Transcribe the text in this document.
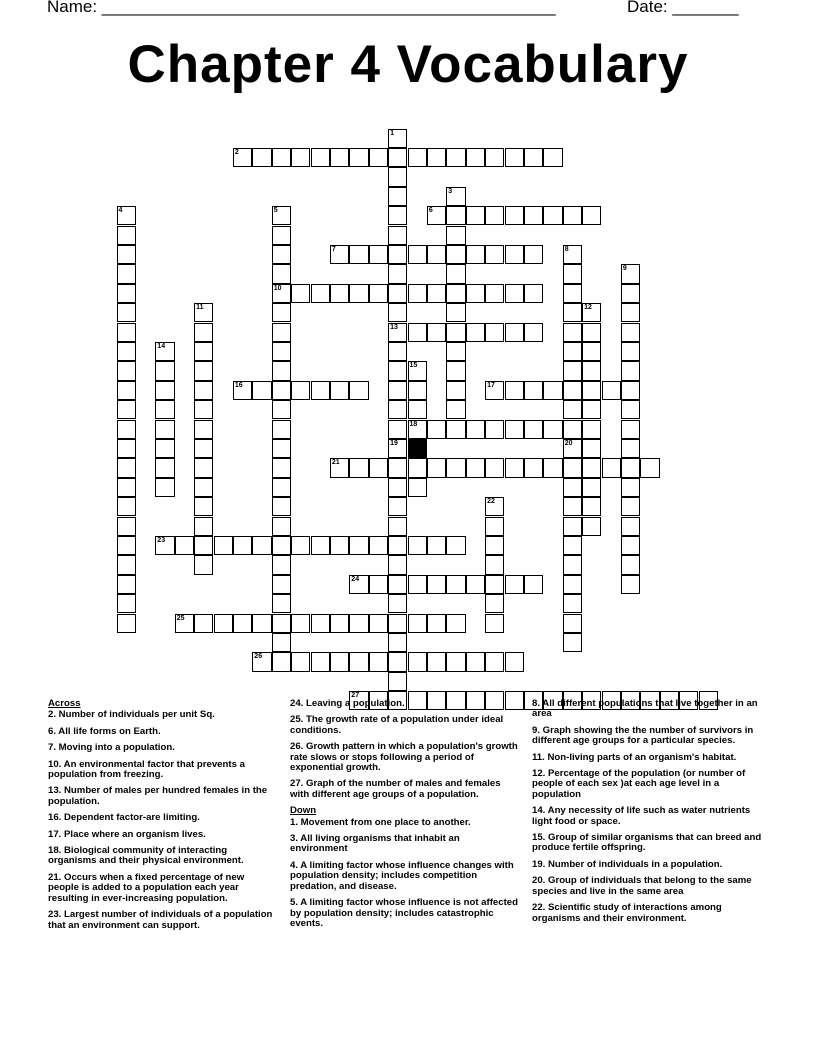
Name: ________________________________________________	Date: _______
Chapter 4 Vocabulary
2
6
7
10
13
16	17
18
21
23
24
25
26
27
1
19
3
4	5
8
20
9
11	12
14
15
22
Across
2. Number of individuals per unit Sq.
6. All life forms on Earth.
7. Moving into a population.
10. An environmental factor that prevents a population from freezing.
13. Number of males per hundred females in the population.
16. Dependent factor-are limiting.
17. Place where an organism lives.
18. Biological community of interacting organisms and their physical environment.
21. Occurs when a fixed percentage of new people is added to a population each year resulting in ever-increasing population.
23. Largest number of individuals of a population that an environment can support.
24. Leaving a population.
25. The growth rate of a population under ideal conditions.
26. Growth pattern in which a population's growth rate slows or stops following a period of exponential growth.
27. Graph of the number of males and females with different age groups of a population.
Down
1. Movement from one place to another.
3. All living organisms that inhabit an environment
4. A limiting factor whose influence changes with population density; includes competition predation, and disease.
5. A limiting factor whose influence is not affected by population density; includes catastrophic events.
8. All different populations that live together in an area
9. Graph showing the the number of survivors in different age groups for a particular species.
11. Non-living parts of an organism's habitat.
12. Percentage of the population (or number of people of each sex )at each age level in a population
14. Any necessity of life such as water nutrients light food or space.
15. Group of similar organisms that can breed and produce fertile offspring.
19. Number of individuals in a population.
20. Group of individuals that belong to the same species and live in the same area
22. Scientific study of interactions among organisms and their environment.
